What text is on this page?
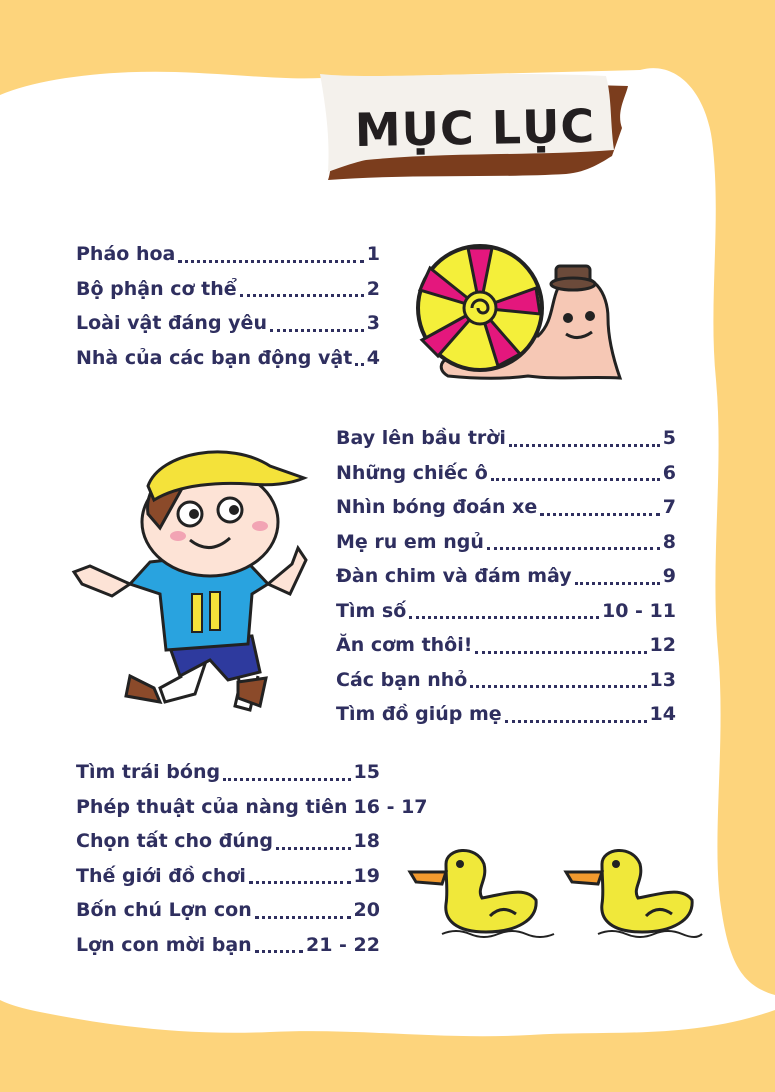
MỤC LỤC
Pháo hoa	1
Bộ phận cơ thể	2
Loài vật đáng yêu	3
Nhà của các bạn động vật 4
Bay lên bầu trời	5
Những chiếc ô	6
Nhìn bóng đoán xe	7
Mẹ ru em ngủ	8
Đàn chim và đám mây	9
Tìm số	10 - 11
Ăn cơm thôi!	12
Các bạn nhỏ	13
Tìm đồ giúp mẹ	14
Tìm trái bóng	15
Phép thuật của nàng tiên 16 - 17
Chọn tất cho đúng	18
Thế giới đồ chơi	19
Bốn chú Lợn con	20
Lợn con mời bạn	21 - 22
